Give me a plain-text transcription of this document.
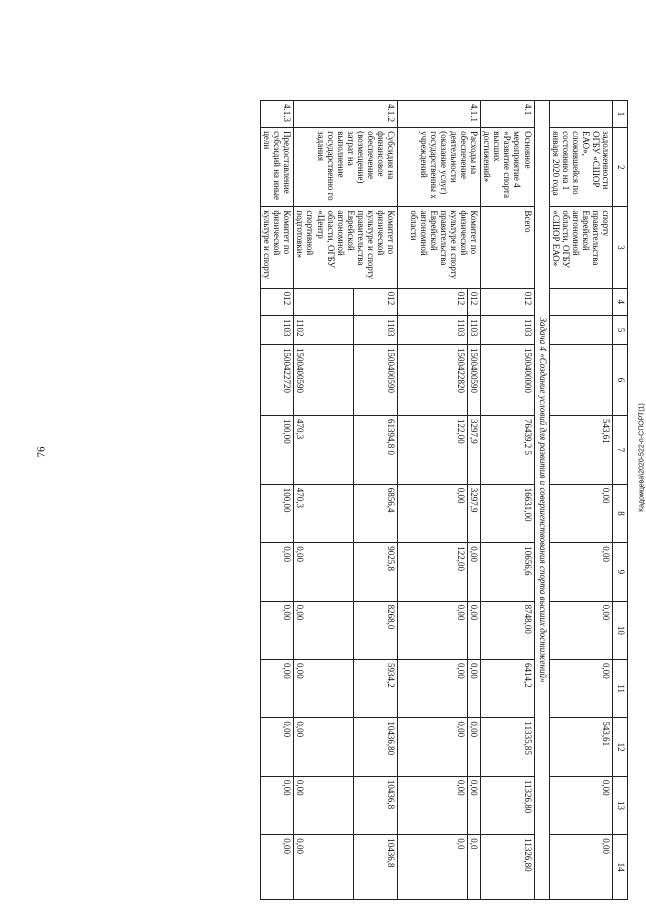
76	Кадомцева\2020-522-п-СПОРТ(1)
1	2	3	4	5	6	7	8	9	10	11	12	13	14
	задолженности ОГБУ «СШОР ЕАО», сложившейся по состоянию на 1 января 2020 года	спорту правительства Еврейской автономной области, ОГБУ «СШОР ЕАО»				543,61	0,00	0,00	0,00	0,00	543,61	0,00	0,00
Задача 4 «Создание условий для развития и совершенствования спорта высших достижений»													
4.1	Основное мероприятие 4 «Развитие спорта высших достижений»	Всего	012	1103	1500400000	76439,2 5	16631,00	10656,6	8748,00	6414,2	11335,85	11326,80	11326,80
4.1.1	Расходы на обеспечение деятельности (оказание услуг) государственны х учреждений	Комитет по физической культуре и спорту правительства Еврейской автономной области	012	1103	1500400590	3297,9	3297,9	0,00	0,00	0,00	0,00	0,00	0,0
			012	1103	1500422820	122,00	0,00	122,00	0,00	0,00	0,00	0,00	0,0
4.1.2	Субсидия на финансовое обеспечение (возмещение) затрат на выполнение государственно го задания	Комитет по физической культуре и спорту правительства Еврейской автономной области, ОГБУ «Центр спортивной подготовки»	012	1103	1500400590	61394,8 0	6856,4	9025,8	8268,0	5934,2	10436,80	10436,8	10436,8
				1102	1500400590	470,3	470,3	0,00	0,00	0,00	0,00	0,00	0,00
4.1.3	Предоставление субсидий на иные цели	Комитет по физической культуре и спорту	012	1103	1500422720	100,00	100,00	0,00	0,00	0,00	0,00	0,00	0,00
